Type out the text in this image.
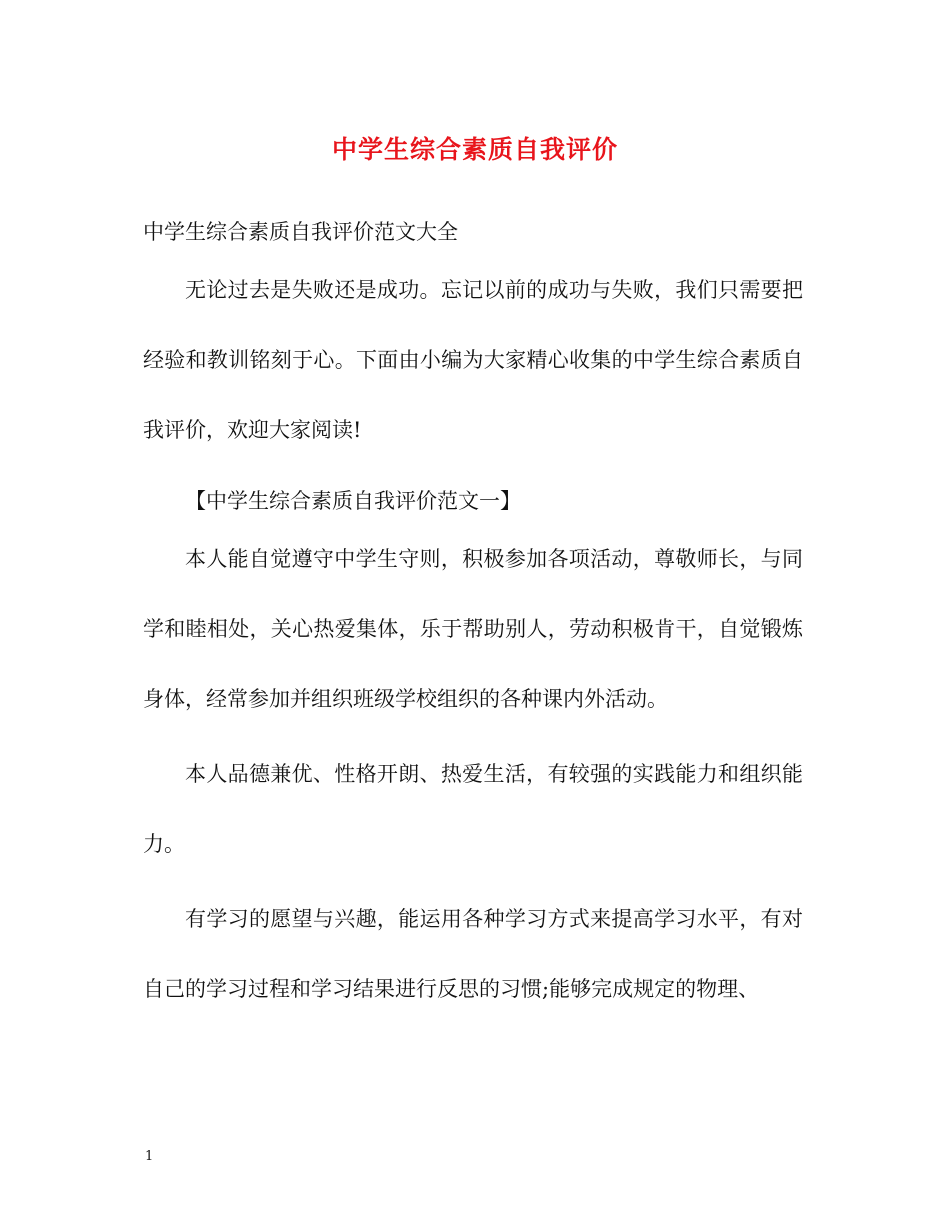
中学生综合素质自我评价
中学生综合素质自我评价范文大全

无论过去是失败还是成功。忘记以前的成功与失败，我们只需要把经验和教训铭刻于心。下面由小编为大家精心收集的中学生综合素质自我评价，欢迎大家阅读!

【中学生综合素质自我评价范文一】

本人能自觉遵守中学生守则，积极参加各项活动，尊敬师长，与同学和睦相处，关心热爱集体，乐于帮助别人，劳动积极肯干，自觉锻炼身体，经常参加并组织班级学校组织的各种课内外活动。

本人品德兼优、性格开朗、热爱生活，有较强的实践能力和组织能力。

有学习的愿望与兴趣，能运用各种学习方式来提高学习水平，有对自己的学习过程和学习结果进行反思的习惯;能够完成规定的物理、

1
